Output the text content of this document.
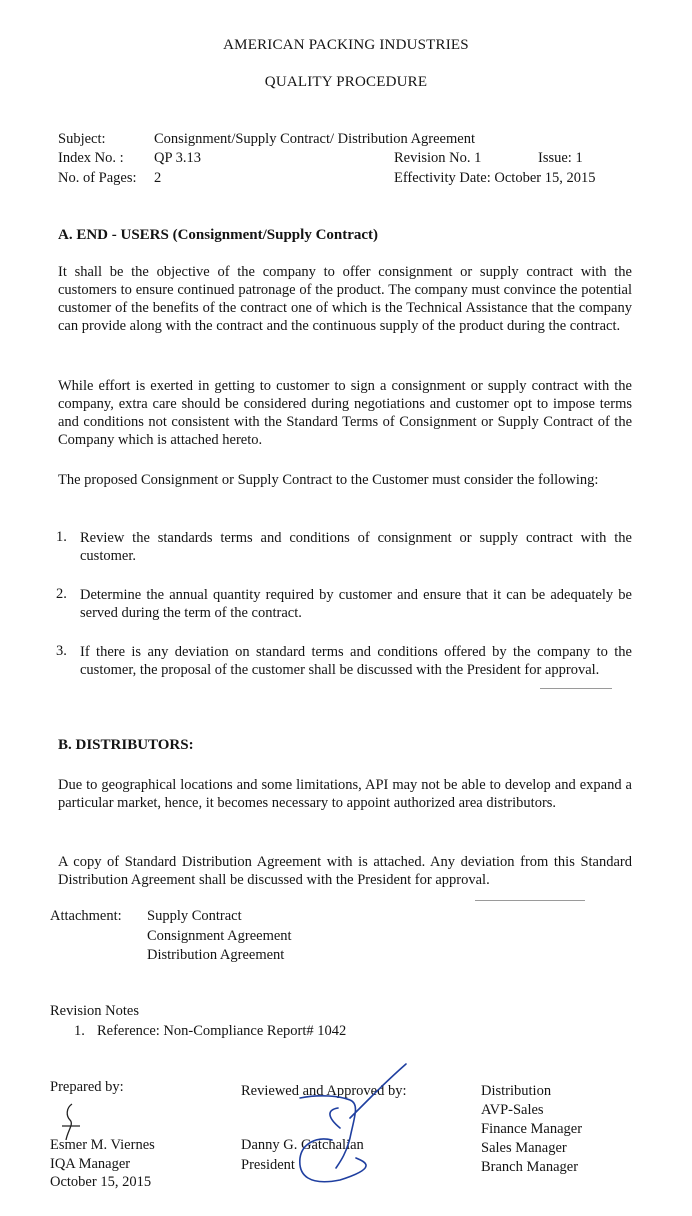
AMERICAN PACKING INDUSTRIES
QUALITY PROCEDURE
Subject:	Consignment/Supply Contract/ Distribution Agreement
Index No. : QP 3.13	Revision No. 1	Issue: 1
No. of Pages: 2	Effectivity Date: October 15, 2015
A. END - USERS (Consignment/Supply Contract)
It shall be the objective of the company to offer consignment or supply contract with the customers to ensure continued patronage of the product. The company must convince the potential customer of the benefits of the contract one of which is the Technical Assistance that the company can provide along with the contract and the continuous supply of the product during the contract.
While effort is exerted in getting to customer to sign a consignment or supply contract with the company, extra care should be considered during negotiations and customer opt to impose terms and conditions not consistent with the Standard Terms of Consignment or Supply Contract of the Company which is attached hereto.
The proposed Consignment or Supply Contract to the Customer must consider the following:
1. Review the standards terms and conditions of consignment or supply contract with the customer.
2. Determine the annual quantity required by customer and ensure that it can be adequately be served during the term of the contract.
3. If there is any deviation on standard terms and conditions offered by the company to the customer, the proposal of the customer shall be discussed with the President for approval.
B. DISTRIBUTORS:
Due to geographical locations and some limitations, API may not be able to develop and expand a particular market, hence, it becomes necessary to appoint authorized area distributors.
A copy of Standard Distribution Agreement with is attached. Any deviation from this Standard Distribution Agreement shall be discussed with the President for approval.
Attachment: Supply Contract
Consignment Agreement
Distribution Agreement
Revision Notes
1. Reference: Non-Compliance Report# 1042
Prepared by:
Esmer M. Viernes
IQA Manager
October 15, 2015
Reviewed and Approved by:
Danny G. Gatchalian
President
Distribution
AVP-Sales
Finance Manager
Sales Manager
Branch Manager
